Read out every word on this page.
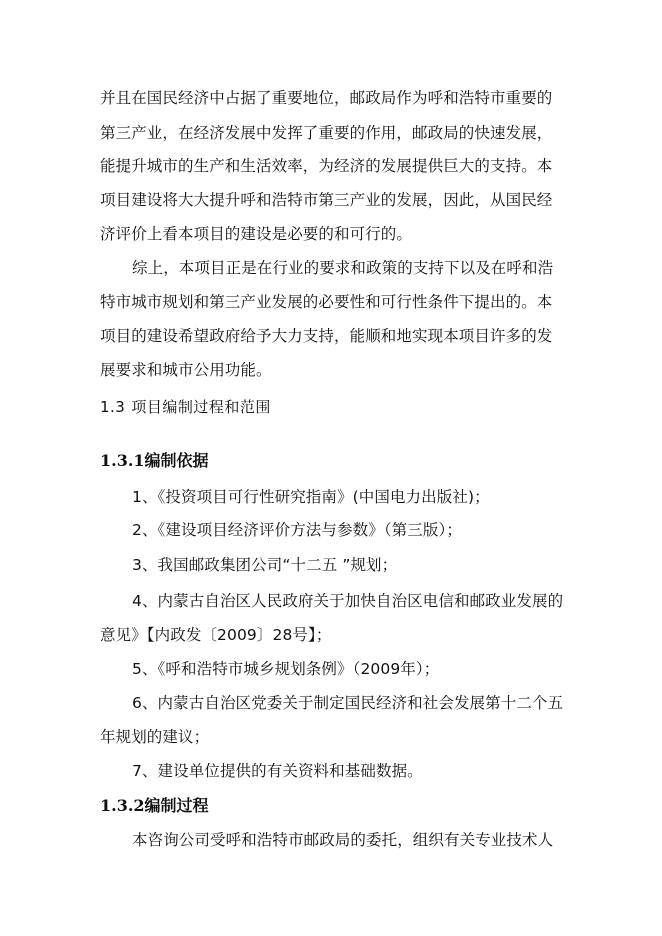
并且在国民经济中占据了重要地位，邮政局作为呼和浩特市重要的
第三产业，在经济发展中发挥了重要的作用，邮政局的快速发展，
能提升城市的生产和生活效率，为经济的发展提供巨大的支持。本
项目建设将大大提升呼和浩特市第三产业的发展，因此，从国民经
济评价上看本项目的建设是必要的和可行的。
综上，本项目正是在行业的要求和政策的支持下以及在呼和浩
特市城市规划和第三产业发展的必要性和可行性条件下提出的。本
项目的建设希望政府给予大力支持，能顺和地实现本项目许多的发
展要求和城市公用功能。
1.3 项目编制过程和范围
1.3.1编制依据
1、《投资项目可行性研究指南》(中国电力出版社)；
2、《建设项目经济评价方法与参数》（第三版）；
3、我国邮政集团公司“十二五 ”规划；
4、内蒙古自治区人民政府关于加快自治区电信和邮政业发展的
意见》【内政发〔2009〕28号】；
5、《呼和浩特市城乡规划条例》（2009年）；
6、内蒙古自治区党委关于制定国民经济和社会发展第十二个五
年规划的建议；
7、建设单位提供的有关资料和基础数据。
1.3.2编制过程
本咨询公司受呼和浩特市邮政局的委托，组织有关专业技术人
